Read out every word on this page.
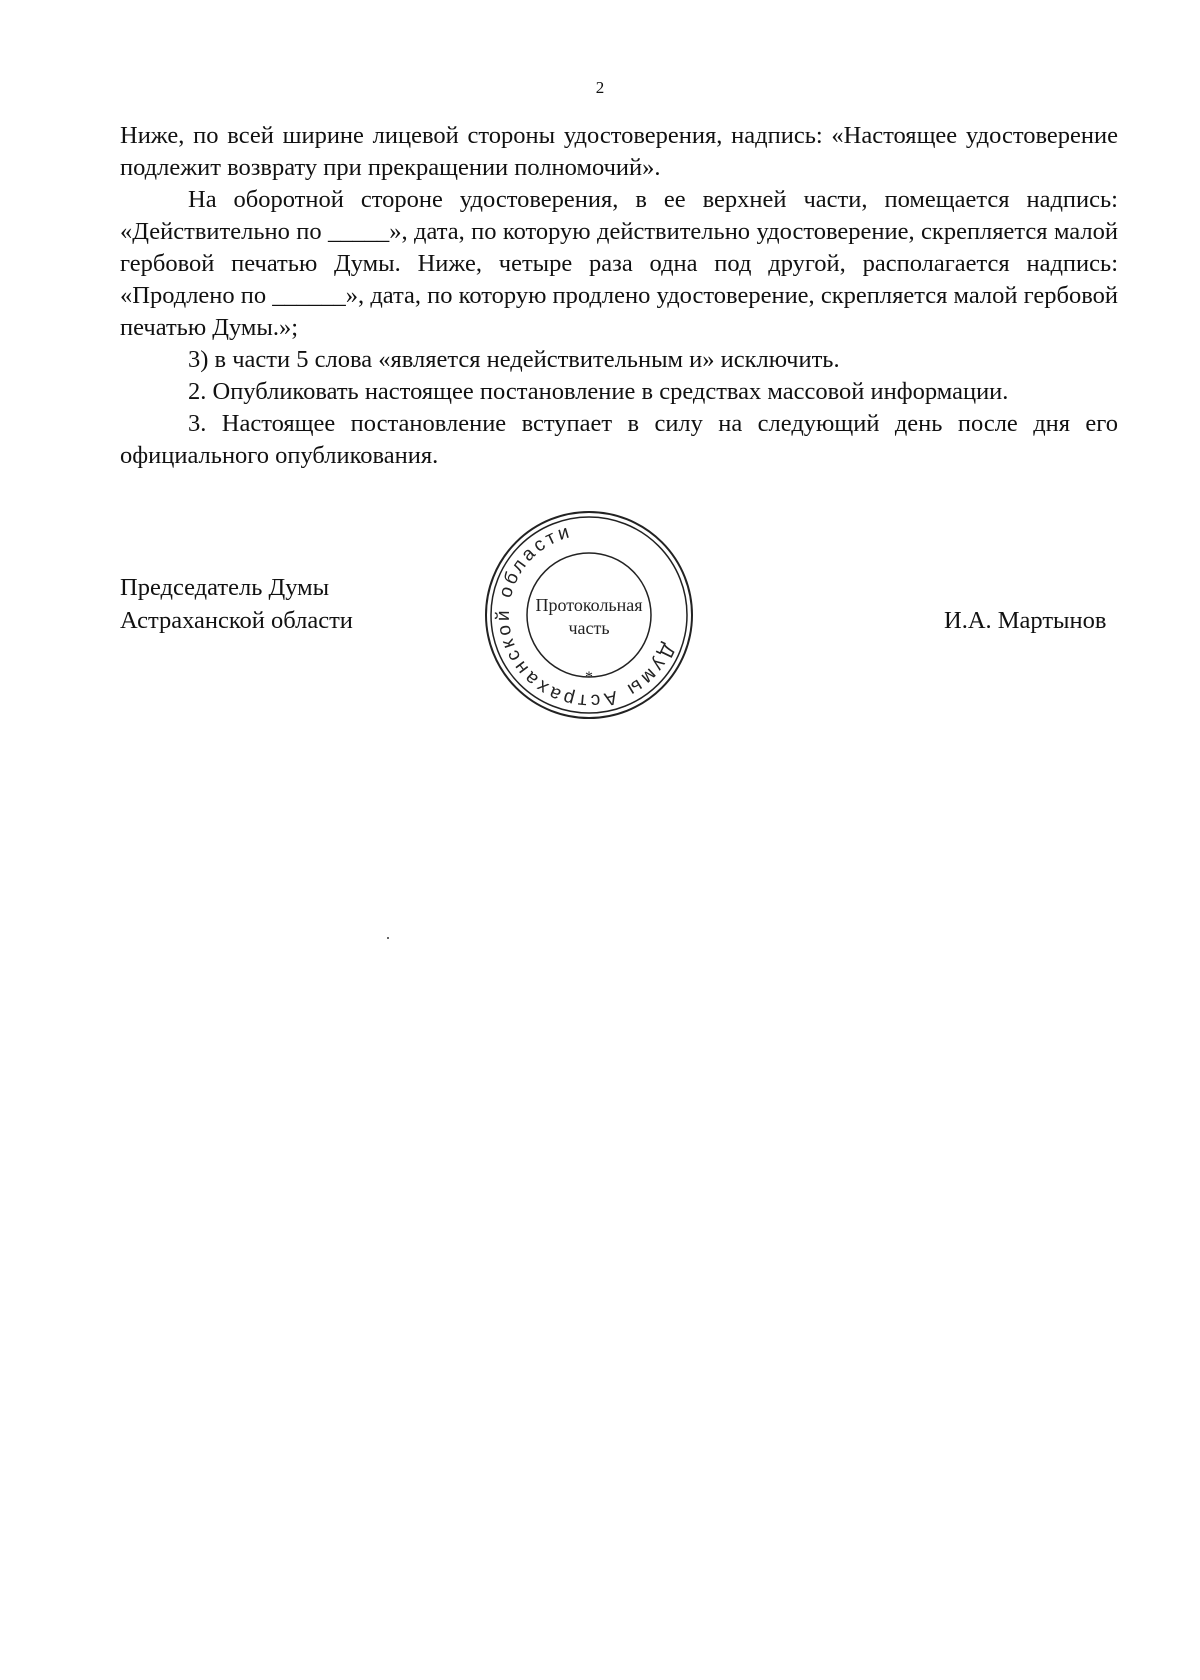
2

Ниже, по всей ширине лицевой стороны удостоверения, надпись: «Настоящее удостоверение подлежит возврату при прекращении полномочий».

На оборотной стороне удостоверения, в ее верхней части, помещается надпись: «Действительно по _____», дата, по которую действительно удостоверение, скрепляется малой гербовой печатью Думы. Ниже, четыре раза одна под другой, располагается надпись: «Продлено по ______», дата, по которую продлено удостоверение, скрепляется малой гербовой печатью Думы.»;

3) в части 5 слова «является недействительным и» исключить.

2. Опубликовать настоящее постановление в средствах массовой информации.

3. Настоящее постановление вступает в силу на следующий день после дня его официального опубликования.

Председатель Думы
Астраханской области
Думы Астраханской области
*
Протокольная
часть	И.А. Мартынов
